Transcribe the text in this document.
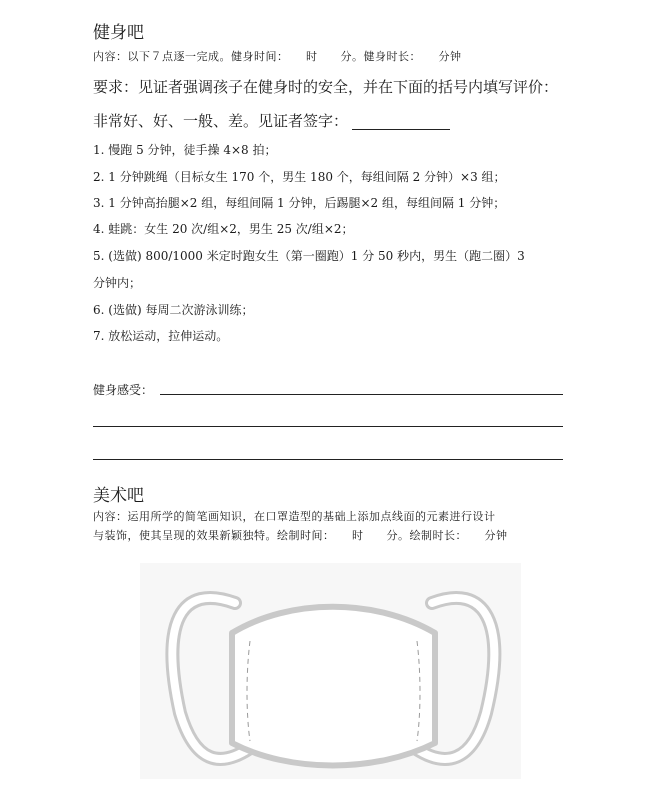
健身吧
内容：以下７点逐一完成。健身时间：　　时　　分。健身时长：　　分钟
要求：见证者强调孩子在健身时的安全，并在下面的括号内填写评价：
非常好、好、一般、差。见证者签字：
1. 慢跑 5 分钟，徒手操 4×8 拍；
2. 1 分钟跳绳（目标女生 170 个，男生 180 个，每组间隔 2 分钟）×3 组；
3. 1 分钟高抬腿×2 组，每组间隔 1 分钟，后踢腿×2 组，每组间隔 1 分钟；
4. 蛙跳：女生 20 次/组×2，男生 25 次/组×2；
5. (选做) 800/1000 米定时跑女生（第一圈跑）1 分 50 秒内，男生（跑二圈）3
分钟内；
6. (选做) 每周二次游泳训练；
7. 放松运动，拉伸运动。
健身感受：
美术吧
内容：运用所学的简笔画知识，在口罩造型的基础上添加点线面的元素进行设计
与装饰，使其呈现的效果新颖独特。绘制时间：　　时　　分。绘制时长：　　分钟
